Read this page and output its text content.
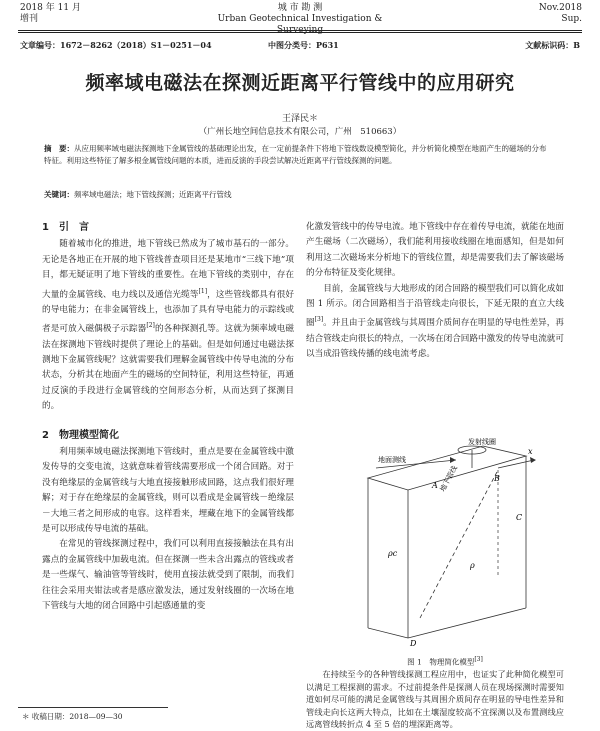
2018 年 11 月
增刊
城 市 勘 测
Urban Geotechnical Investigation & Surveying
Nov.2018
Sup.
文章编号：1672－8262（2018）S1－0251－04	中图分类号：P631	文献标识码：B
频率域电磁法在探测近距离平行管线中的应用研究
王泽民＊
（广州长地空间信息技术有限公司，广州　510663）
摘　要：从应用频率域电磁法探测地下金属管线的基础理论出发，在一定前提条件下将地下管线数设模型简化，并分析简化模型在地面产生的磁场的分布特征。利用这些特征了解多根金属管线问题的本质，进而反演的手段尝试解决近距离平行管线探测的问题。
关键词：频率域电磁法；地下管线探测；近距离平行管线
1　引　言

随着城市化的推进，地下管线已然成为了城市基石的一部分。无论是各地正在开展的地下管线普查项目还是某地市“三线下地”项目，都无疑证明了地下管线的重要性。在地下管线的类别中，存在大量的金属管线、电力线以及通信光缆等[1]，这些管线都具有很好的导电能力；在非金属管线上，也添加了具有导电能力的示踪线或者是可放入磁偶极子示踪器[2]的各种探测孔等。这就为频率域电磁法在探测地下管线时提供了理论上的基础。但是如何通过电磁法探测地下金属管线呢？这就需要我们理解金属管线中传导电流的分布状态，分析其在地面产生的磁场的空间特征，利用这些特征，再通过反演的手段进行金属管线的空间形态分析，从而达到了探测目的。

2　物理模型简化

利用频率域电磁法探测地下管线时，重点是要在金属管线中激发传导的交变电流，这就意味着管线需要形成一个闭合回路。对于没有绝缘层的金属管线与大地直接接触形成回路，这点我们很好理解；对于存在绝缘层的金属管线，则可以看成是金属管线－绝缘层－大地三者之间形成的电容。这样看来，埋藏在地下的金属管线都是可以形成传导电流的基础。

在常见的管线探测过程中，我们可以利用直接接触法在具有出露点的金属管线中加载电流。但在探测一些未含出露点的管线或者是一些煤气、输油管等管线时，使用直接法就受到了限制，而我们往往会采用夹钳法或者是感应激发法，通过发射线圈的一次场在地下管线与大地的闭合回路中引起感通量的变

化激发管线中的传导电流。地下管线中存在着传导电流，就能在地面产生磁场（二次磁场），我们能利用接收线圈在地面感知，但是如何利用这二次磁场来分析地下的管线位置，却是需要我们去了解该磁场的分布特征及变化规律。

目前，金属管线与大地形成的闭合回路的模型我们可以简化成如图 1 所示。闭合回路相当于沿管线走向很长，下延无限的直立大线圈[3]。并且由于金属管线与其周围介质间存在明显的导电性差异，再结合管线走向很长的特点，一次场在闭合回路中激发的传导电流就可以当成沿管线传播的线电流考虑。

发射线圈
地面测线
地下管线
A
B
C
D
ρc
ρ
x
图 1　物理简化模型[3]

在持续至今的各种管线探测工程应用中，也证实了此种简化模型可以满足工程探测的需求。不过前提条件是探测人员在现场探测时需要知道如何尽可能的满足金属管线与其周围介质间存在明显的导电性差异和管线走向长这两大特点，比如在土壤湿度较高不宜探测以及布置测线应远离管线转折点 4 至 5 倍的埋深距离等。

＊ 收稿日期：2018—09—30
